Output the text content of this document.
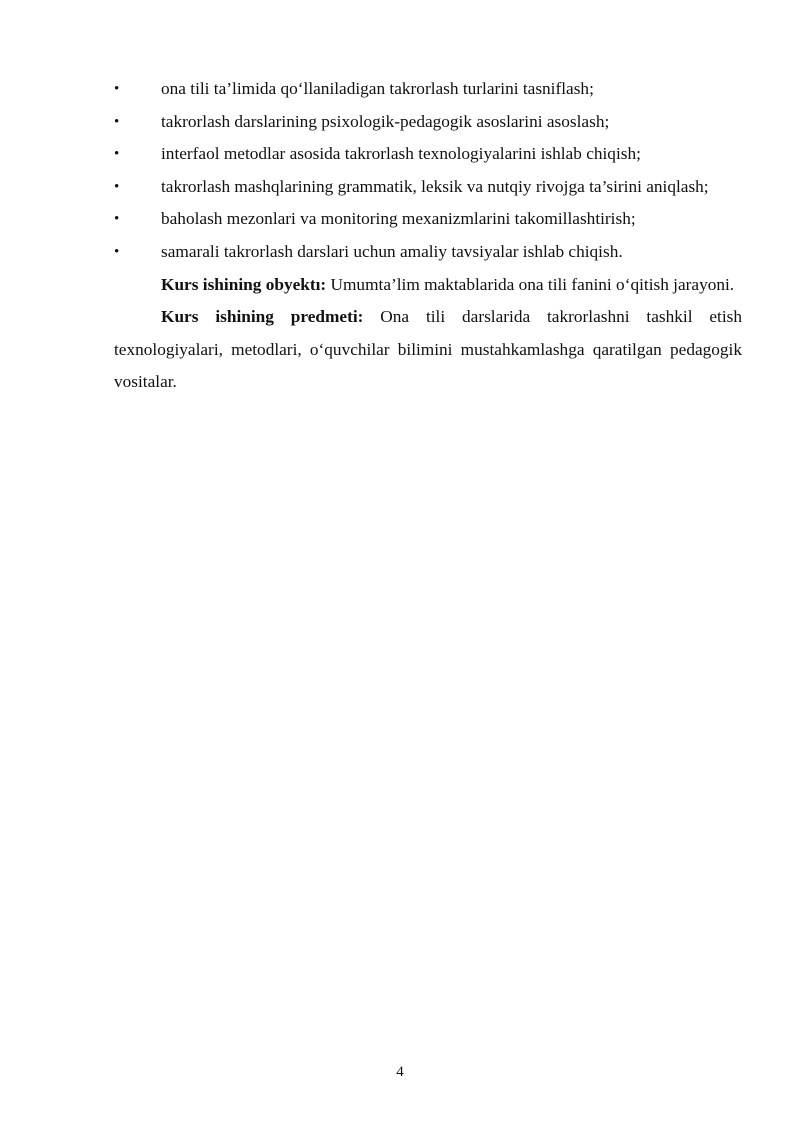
• ona tili ta’limida qo‘llaniladigan takrorlash turlarini tasniflash;

• takrorlash darslarining psixologik-pedagogik asoslarini asoslash;

• interfaol metodlar asosida takrorlash texnologiyalarini ishlab chiqish;

• takrorlash mashqlarining grammatik, leksik va nutqiy rivojga ta’sirini aniqlash;

• baholash mezonlari va monitoring mexanizmlarini takomillashtirish;

• samarali takrorlash darslari uchun amaliy tavsiyalar ishlab chiqish.

Kurs ishining obyektı: Umumta’lim maktablarida ona tili fanini o‘qitish jarayoni.

Kurs ishining predmeti: Ona tili darslarida takrorlashni tashkil etish texnologiyalari, metodlari, o‘quvchilar bilimini mustahkamlashga qaratilgan pedagogik vositalar.

4
